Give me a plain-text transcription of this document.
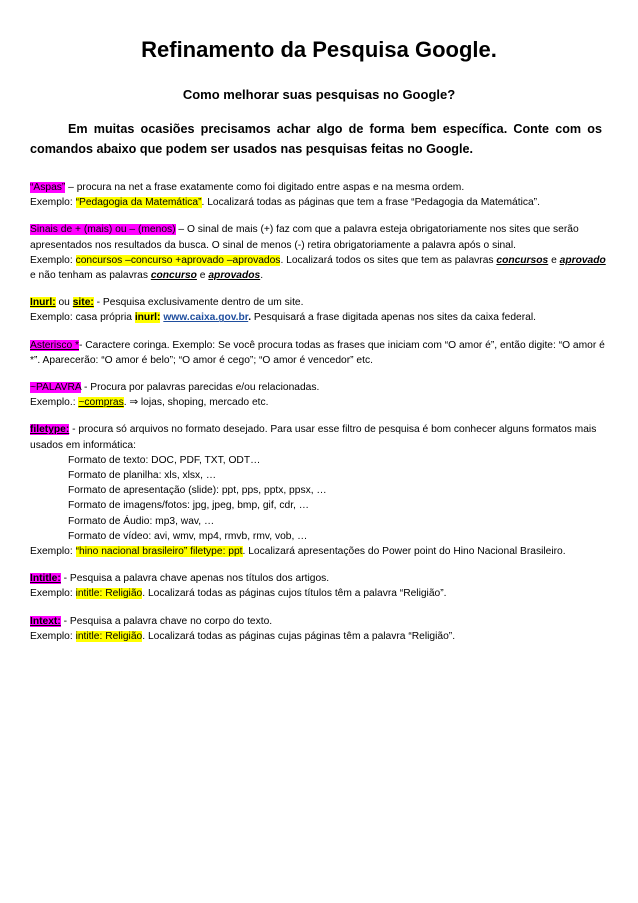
Refinamento da Pesquisa Google.
Como melhorar suas pesquisas no Google?
Em muitas ocasiões precisamos achar algo de forma bem específica. Conte com os comandos abaixo que podem ser usados nas pesquisas feitas no Google.

“Aspas” – procura na net a frase exatamente como foi digitado entre aspas e na mesma ordem.

Exemplo: “Pedagogia da Matemática”. Localizará todas as páginas que tem a frase “Pedagogia da Matemática”.

Sinais de + (mais) ou – (menos) – O sinal de mais (+) faz com que a palavra esteja obrigatoriamente nos sites que serão apresentados nos resultados da busca. O sinal de menos (-) retira obrigatoriamente a palavra após o sinal.

Exemplo: concursos –concurso +aprovado –aprovados. Localizará todos os sites que tem as palavras concursos e aprovado e não tenham as palavras concurso e aprovados.

Inurl: ou site: - Pesquisa exclusivamente dentro de um site.

Exemplo: casa própria inurl: www.caixa.gov.br. Pesquisará a frase digitada apenas nos sites da caixa federal.

Asterisco *- Caractere coringa. Exemplo: Se você procura todas as frases que iniciam com “O amor é”, então digite: “O amor é *”. Aparecerão: “O amor é belo”; “O amor é cego”; “O amor é vencedor” etc.

~PALAVRA - Procura por palavras parecidas e/ou relacionadas.

Exemplo.: ~compras. ⇒ lojas, shoping, mercado etc.

filetype: - procura só arquivos no formato desejado. Para usar esse filtro de pesquisa é bom conhecer alguns formatos mais usados em informática:

Formato de texto: DOC, PDF, TXT, ODT…

Formato de planilha: xls, xlsx, …

Formato de apresentação (slide): ppt, pps, pptx, ppsx, …

Formato de imagens/fotos: jpg, jpeg, bmp, gif, cdr, …

Formato de Áudio: mp3, wav, …

Formato de vídeo: avi, wmv, mp4, rmvb, rmv, vob, …

Exemplo: “hino nacional brasileiro” filetype: ppt. Localizará apresentações do Power point do Hino Nacional Brasileiro.

Intitle: - Pesquisa a palavra chave apenas nos títulos dos artigos.

Exemplo: intitle: Religião. Localizará todas as páginas cujos títulos têm a palavra “Religião”.

Intext: - Pesquisa a palavra chave no corpo do texto.

Exemplo: intitle: Religião. Localizará todas as páginas cujas páginas têm a palavra “Religião”.
